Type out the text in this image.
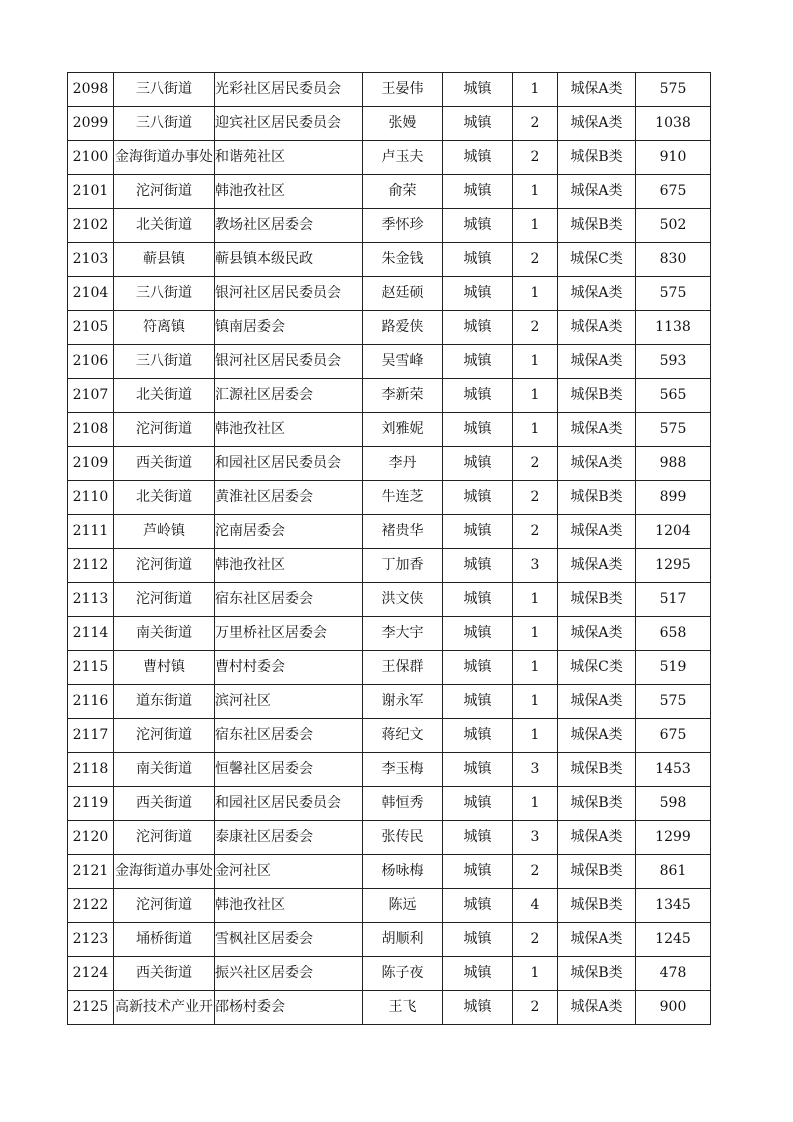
2098	三八街道	光彩社区居民委员会	王晏伟	城镇	1	城保A类	575
2099	三八街道	迎宾社区居民委员会	张嫚	城镇	2	城保A类	1038
2100	金海街道办事处	和谐苑社区	卢玉夫	城镇	2	城保B类	910
2101	沱河街道	韩池孜社区	俞荣	城镇	1	城保A类	675
2102	北关街道	教场社区居委会	季怀珍	城镇	1	城保B类	502
2103	蕲县镇	蕲县镇本级民政	朱金钱	城镇	2	城保C类	830
2104	三八街道	银河社区居民委员会	赵廷硕	城镇	1	城保A类	575
2105	符离镇	镇南居委会	路爱侠	城镇	2	城保A类	1138
2106	三八街道	银河社区居民委员会	吴雪峰	城镇	1	城保A类	593
2107	北关街道	汇源社区居委会	李新荣	城镇	1	城保B类	565
2108	沱河街道	韩池孜社区	刘雅妮	城镇	1	城保A类	575
2109	西关街道	和园社区居民委员会	李丹	城镇	2	城保A类	988
2110	北关街道	黄淮社区居委会	牛连芝	城镇	2	城保B类	899
2111	芦岭镇	沱南居委会	褚贵华	城镇	2	城保A类	1204
2112	沱河街道	韩池孜社区	丁加香	城镇	3	城保A类	1295
2113	沱河街道	宿东社区居委会	洪文侠	城镇	1	城保B类	517
2114	南关街道	万里桥社区居委会	李大宇	城镇	1	城保A类	658
2115	曹村镇	曹村村委会	王保群	城镇	1	城保C类	519
2116	道东街道	滨河社区	谢永军	城镇	1	城保A类	575
2117	沱河街道	宿东社区居委会	蒋纪文	城镇	1	城保A类	675
2118	南关街道	恒馨社区居委会	李玉梅	城镇	3	城保B类	1453
2119	西关街道	和园社区居民委员会	韩恒秀	城镇	1	城保B类	598
2120	沱河街道	泰康社区居委会	张传民	城镇	3	城保A类	1299
2121	金海街道办事处	金河社区	杨咏梅	城镇	2	城保B类	861
2122	沱河街道	韩池孜社区	陈远	城镇	4	城保B类	1345
2123	埇桥街道	雪枫社区居委会	胡顺利	城镇	2	城保A类	1245
2124	西关街道	振兴社区居委会	陈子夜	城镇	1	城保B类	478
2125	高新技术产业开	邵杨村委会	王飞	城镇	2	城保A类	900
